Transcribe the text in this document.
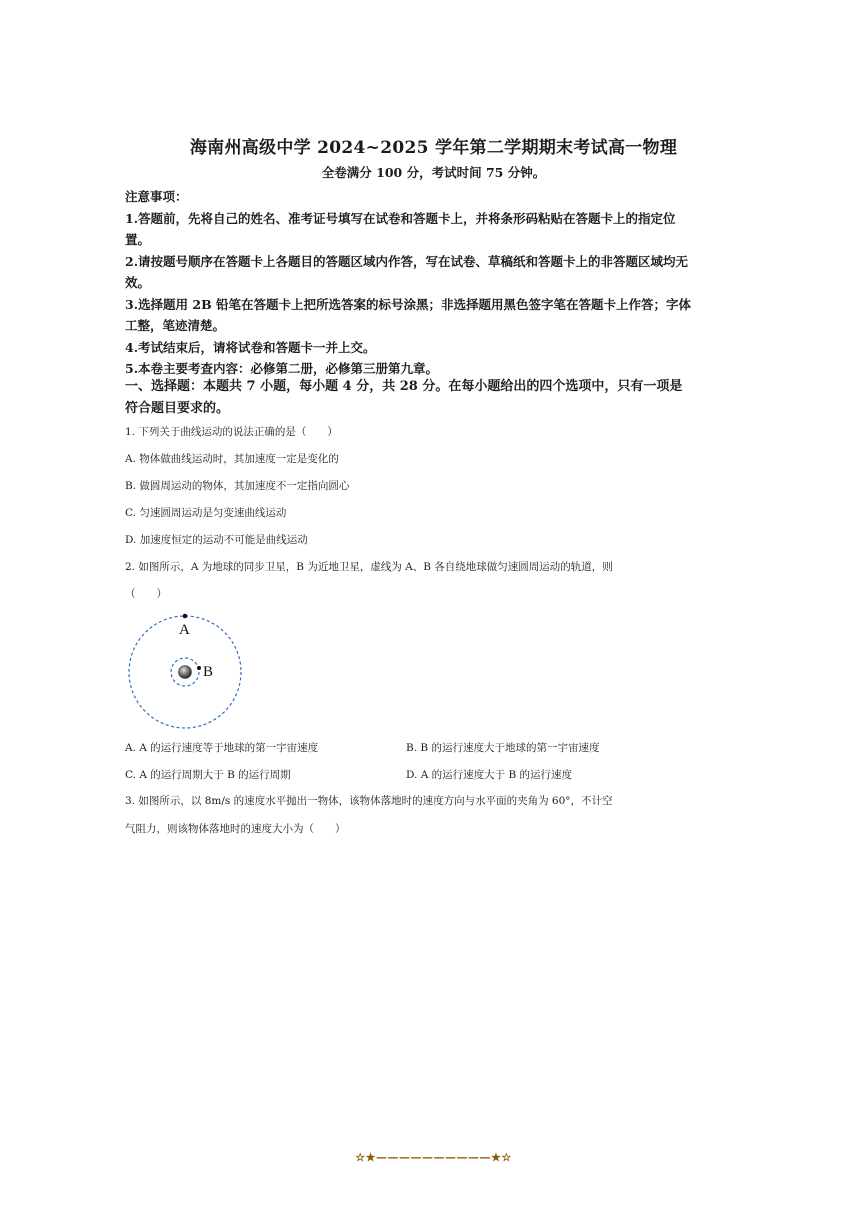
海南州高级中学 2024~2025 学年第二学期期末考试高一物理
全卷满分 100 分，考试时间 75 分钟。

注意事项：

1.答题前，先将自己的姓名、准考证号填写在试卷和答题卡上，并将条形码粘贴在答题卡上的指定位置。

2.请按题号顺序在答题卡上各题目的答题区域内作答，写在试卷、草稿纸和答题卡上的非答题区域均无效。

3.选择题用 2B 铅笔在答题卡上把所选答案的标号涂黑；非选择题用黑色签字笔在答题卡上作答；字体工整，笔迹清楚。

4.考试结束后，请将试卷和答题卡一并上交。

5.本卷主要考查内容：必修第二册，必修第三册第九章。

一、选择题：本题共 7 小题，每小题 4 分，共 28 分。在每小题给出的四个选项中，只有一项是符合题目要求的。
1. 下列关于曲线运动的说法正确的是（　　）
A. 物体做曲线运动时，其加速度一定是变化的
B. 做圆周运动的物体，其加速度不一定指向圆心
C. 匀速圆周运动是匀变速曲线运动
D. 加速度恒定的运动不可能是曲线运动
2. 如图所示，A 为地球的同步卫星，B 为近地卫星，虚线为 A、B 各自绕地球做匀速圆周运动的轨道，则
（　　）
A
B
A. A 的运行速度等于地球的第一宇宙速度	B. B 的运行速度大于地球的第一宇宙速度
C. A 的运行周期大于 B 的运行周期	D. A 的运行速度大于 B 的运行速度
3. 如图所示，以 8m/s 的速度水平抛出一物体，该物体落地时的速度方向与水平面的夹角为 60°，不计空
气阻力，则该物体落地时的速度大小为（　　）
☆★——————————★☆
